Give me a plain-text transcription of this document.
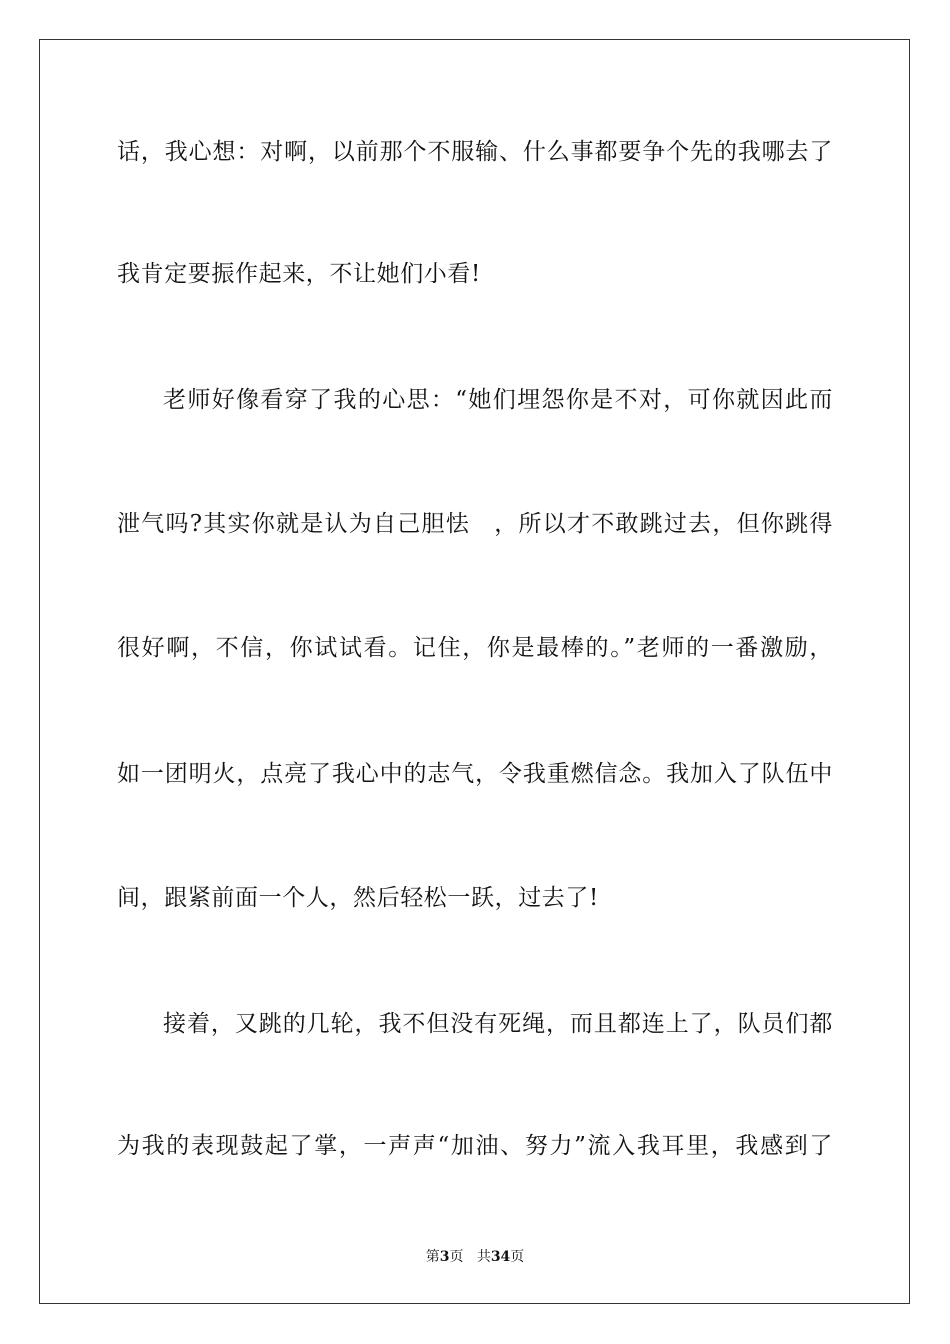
话，我心想：对啊，以前那个不服输、什么事都要争个先的我哪去了
我肯定要振作起来，不让她们小看!
老师好像看穿了我的心思：“她们埋怨你是不对，可你就因此而
泄气吗?其实你就是认为自己胆怯　，所以才不敢跳过去，但你跳得
很好啊，不信，你试试看。记住，你是最棒的。”老师的一番激励，
如一团明火，点亮了我心中的志气，令我重燃信念。我加入了队伍中
间，跟紧前面一个人，然后轻松一跃，过去了!
接着，又跳的几轮，我不但没有死绳，而且都连上了，队员们都
为我的表现鼓起了掌，一声声“加油、努力”流入我耳里，我感到了
第3页 共34页
